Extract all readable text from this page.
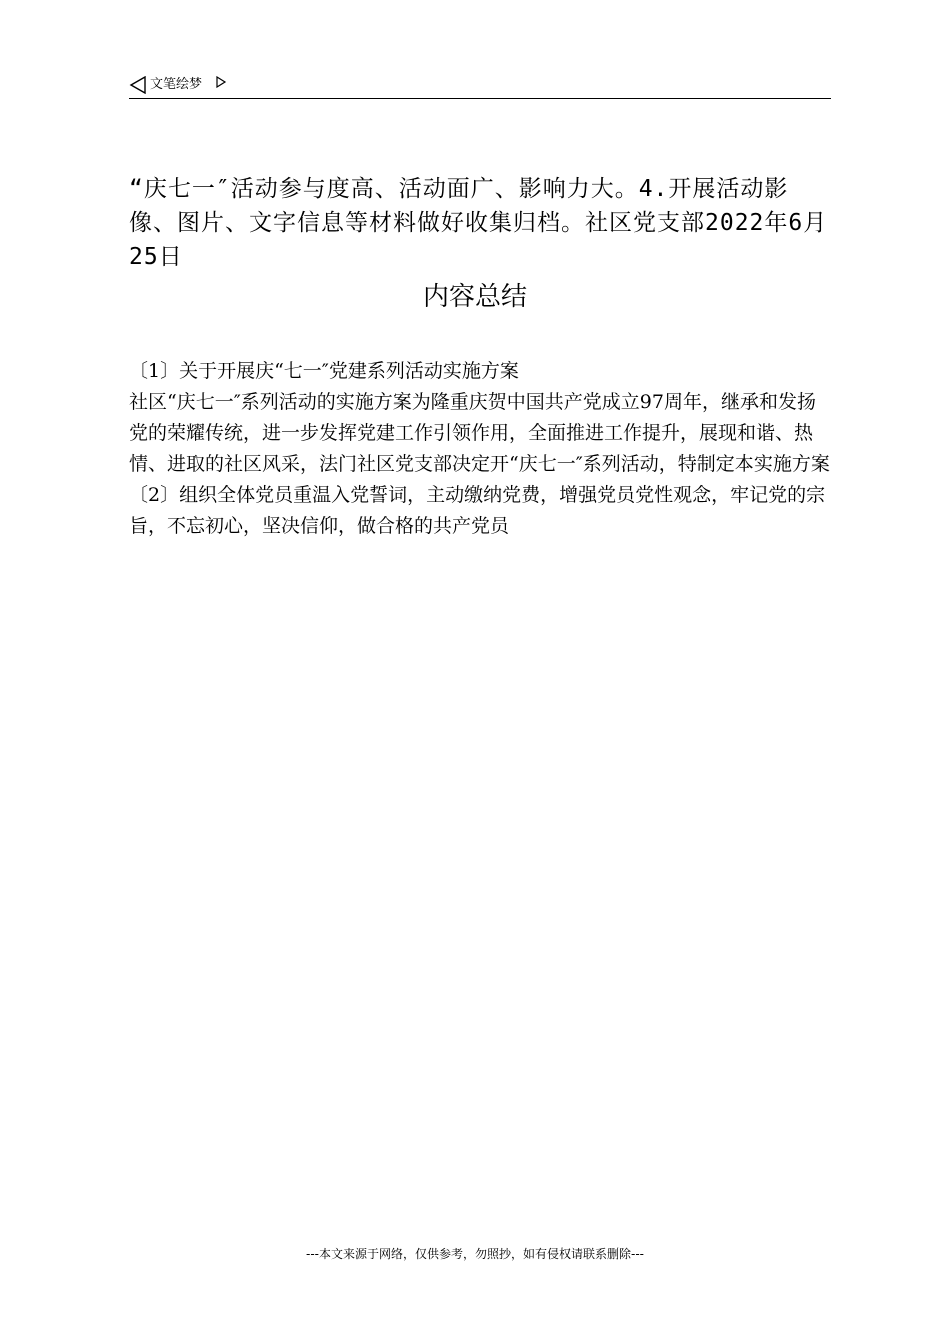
文笔绘梦
“庆七一″活动参与度高、活动面广、影响力大。4.开展活动影像、图片、文字信息等材料做好收集归档。社区党支部2022年6月25日
内容总结

〔1〕关于开展庆“七一″党建系列活动实施方案

社区“庆七一″系列活动的实施方案为隆重庆贺中国共产党成立97周年，继承和发扬党的荣耀传统，进一步发挥党建工作引领作用，全面推进工作提升，展现和谐、热情、进取的社区风采，法门社区党支部决定开“庆七一″系列活动，特制定本实施方案

〔2〕组织全体党员重温入党誓词，主动缴纳党费，增强党员党性观念，牢记党的宗旨，不忘初心，坚决信仰，做合格的共产党员

---本文来源于网络，仅供参考，勿照抄，如有侵权请联系删除---
